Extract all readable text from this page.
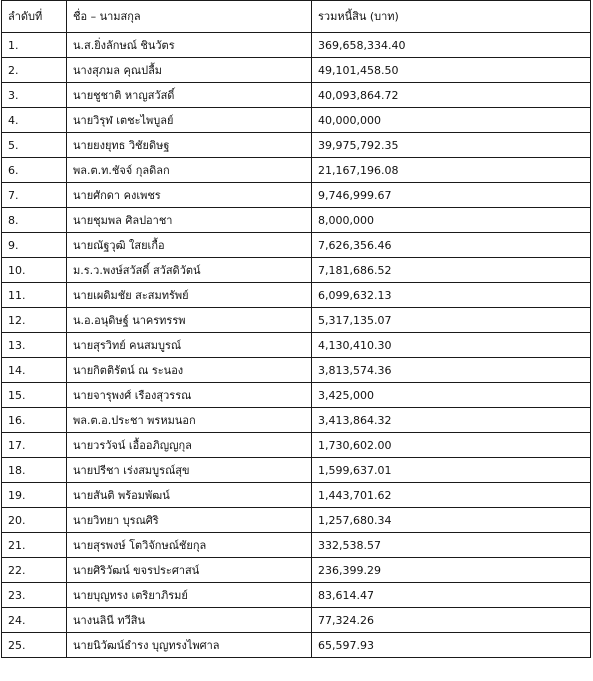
ลำดับที่	ชื่อ – นามสกุล	รวมหนี้สิน (บาท)
1.	น.ส.ยิ่งลักษณ์ ชินวัตร	369,658,334.40
2.	นางสุภมล คุณปลื้ม	49,101,458.50
3.	นายชูชาติ หาญสวัสดิ์	40,093,864.72
4.	นายวิรุฬ เตชะไพบูลย์	40,000,000
5.	นายยงยุทธ วิชัยดิษฐ	39,975,792.35
6.	พล.ต.ท.ชัจจ์ กุลดิลก	21,167,196.08
7.	นายศักดา คงเพชร	9,746,999.67
8.	นายชุมพล ศิลปอาชา	8,000,000
9.	นายณัฐวุฒิ ใสยเกื้อ	7,626,356.46
10.	ม.ร.ว.พงษ์สวัสดิ์ สวัสดิวัตน์	7,181,686.52
11.	นายเผดิมชัย สะสมทรัพย์	6,099,632.13
12.	น.อ.อนุดิษฐ์ นาครทรรพ	5,317,135.07
13.	นายสุรวิทย์ คนสมบูรณ์	4,130,410.30
14.	นายกิตติรัตน์ ณ ระนอง	3,813,574.36
15.	นายจารุพงศ์ เรืองสุวรรณ	3,425,000
16.	พล.ต.อ.ประชา พรหมนอก	3,413,864.32
17.	นายวรวัจน์ เอื้ออภิญญกุล	1,730,602.00
18.	นายปรีชา เร่งสมบูรณ์สุข	1,599,637.01
19.	นายสันติ พร้อมพัฒน์	1,443,701.62
20.	นายวิทยา บุรณศิริ	1,257,680.34
21.	นายสุรพงษ์ โตวิจักษณ์ชัยกุล	332,538.57
22.	นายศิริวัฒน์ ขจรประศาสน์	236,399.29
23.	นายบุญทรง เตริยาภิรมย์	83,614.47
24.	นางนลินี ทวีสิน	77,324.26
25.	นายนิวัฒน์ธำรง บุญทรงไพศาล	65,597.93
